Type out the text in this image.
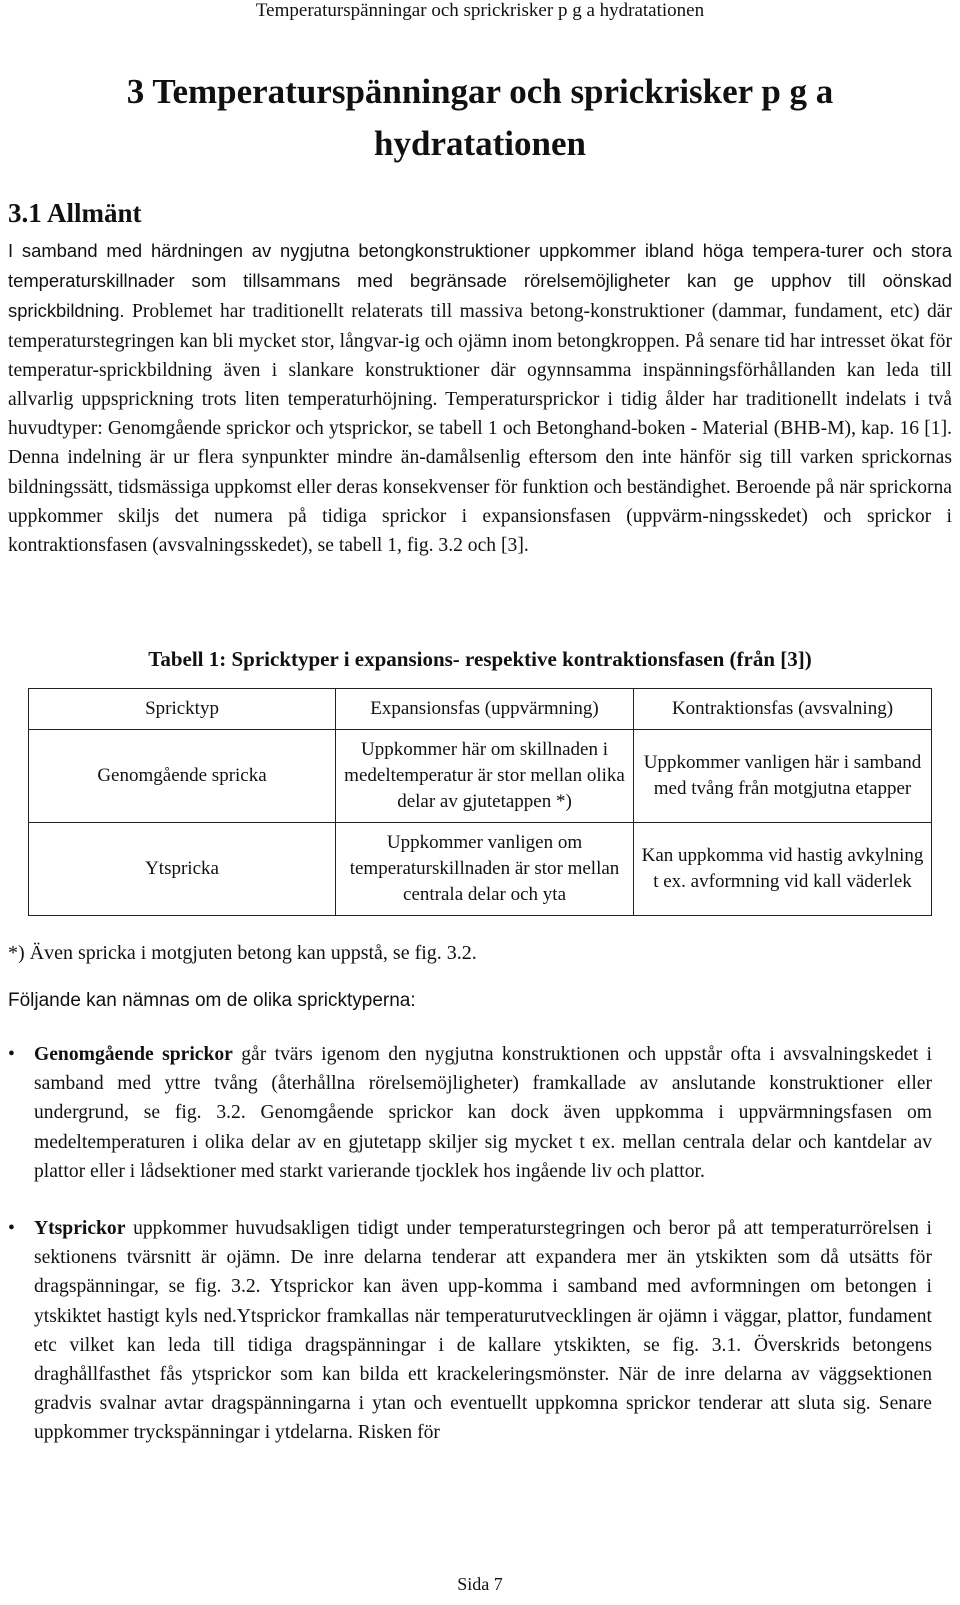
Temperaturspänningar och sprickrisker p g a hydratationen
3 Temperaturspänningar och sprickrisker p g a
hydratationen
3.1 Allmänt

I samband med härdningen av nygjutna betongkonstruktioner uppkommer ibland höga tempera-turer och stora temperaturskillnader som tillsammans med begränsade rörelsemöjligheter kan ge upphov till oönskad sprickbildning. Problemet har traditionellt relaterats till massiva betong-konstruktioner (dammar, fundament, etc) där temperaturstegringen kan bli mycket stor, långvar-ig och ojämn inom betongkroppen. På senare tid har intresset ökat för temperatur-sprickbildning även i slankare konstruktioner där ogynnsamma inspänningsförhållanden kan leda till allvarlig uppsprickning trots liten temperaturhöjning. Temperatursprickor i tidig ålder har traditionellt indelats i två huvudtyper: Genomgående sprickor och ytsprickor, se tabell 1 och Betonghand-boken - Material (BHB-M), kap. 16 [1]. Denna indelning är ur flera synpunkter mindre än-damålsenlig eftersom den inte hänför sig till varken sprickornas bildningssätt, tidsmässiga uppkomst eller deras konsekvenser för funktion och beständighet. Beroende på när sprickorna uppkommer skiljs det numera på tidiga sprickor i expansionsfasen (uppvärm-ningsskedet) och sprickor i kontraktionsfasen (avsvalningsskedet), se tabell 1, fig. 3.2 och [3].

Tabell 1: Spricktyper i expansions- respektive kontraktionsfasen (från [3])

Spricktyp	Expansionsfas (uppvärmning)	Kontraktionsfas (avsvalning)
Genomgående spricka	Uppkommer här om skillnaden i medeltemperatur är stor mellan olika delar av gjutetappen *)	Uppkommer vanligen här i samband med tvång från motgjutna etapper
Ytspricka	Uppkommer vanligen om temperaturskillnaden är stor mellan centrala delar och yta	Kan uppkomma vid hastig avkylning t ex. avformning vid kall väderlek

*) Även spricka i motgjuten betong kan uppstå, se fig. 3.2.

Följande kan nämnas om de olika spricktyperna:

• Genomgående sprickor går tvärs igenom den nygjutna konstruktionen och uppstår ofta i avsvalningskedet i samband med yttre tvång (återhållna rörelsemöjligheter) framkallade av anslutande konstruktioner eller undergrund, se fig. 3.2. Genomgående sprickor kan dock även uppkomma i uppvärmningsfasen om medeltemperaturen i olika delar av en gjutetapp skiljer sig mycket t ex. mellan centrala delar och kantdelar av plattor eller i lådsektioner med starkt varierande tjocklek hos ingående liv och plattor.
• Ytsprickor uppkommer huvudsakligen tidigt under temperaturstegringen och beror på att temperaturrörelsen i sektionens tvärsnitt är ojämn. De inre delarna tenderar att expandera mer än ytskikten som då utsätts för dragspänningar, se fig. 3.2. Ytsprickor kan även upp-komma i samband med avformningen om betongen i ytskiktet hastigt kyls ned.Ytsprickor framkallas när temperaturutvecklingen är ojämn i väggar, plattor, fundament etc vilket kan leda till tidiga dragspänningar i de kallare ytskikten, se fig. 3.1. Överskrids betongens draghållfasthet fås ytsprickor som kan bilda ett krackeleringsmönster. När de inre delarna av väggsektionen gradvis svalnar avtar dragspänningarna i ytan och eventuellt uppkomna sprickor tenderar att sluta sig. Senare uppkommer tryckspänningar i ytdelarna. Risken för
Sida 7
